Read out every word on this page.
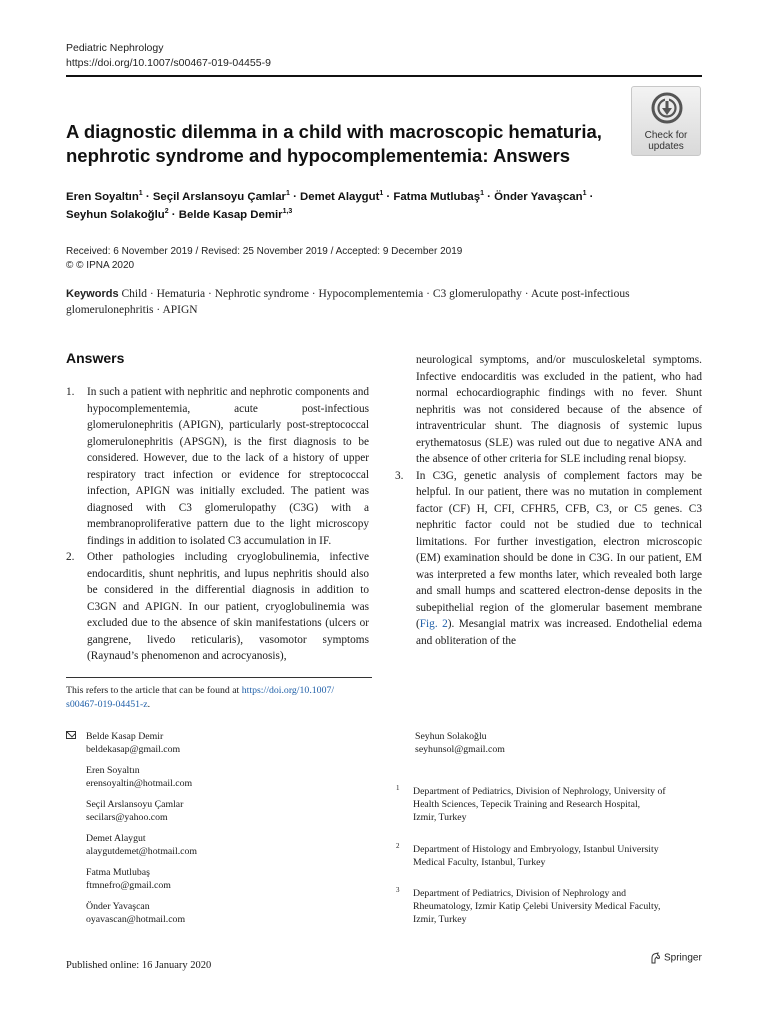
Pediatric Nephrology
https://doi.org/10.1007/s00467-019-04455-9
Check for
updates
A diagnostic dilemma in a child with macroscopic hematuria, nephrotic syndrome and hypocomplementemia: Answers
Eren Soyaltın$^1$ · Seçil Arslansoyu Çamlar$^1$ · Demet Alaygut$^1$ · Fatma Mutlubaş$^1$ · Önder Yavaşcan$^1$ ·
Seyhun Solakoğlu$^2$ · Belde Kasap Demir$^{1,3}$
Received: 6 November 2019 / Revised: 25 November 2019 / Accepted: 9 December 2019
© © IPNA 2020
Keywords Child · Hematuria · Nephrotic syndrome · Hypocomplementemia · C3 glomerulopathy · Acute post-infectious glomerulonephritis · APIGN
Answers
1. In such a patient with nephritic and nephrotic components and hypocomplementemia, acute post-infectious glomerulonephritis (APIGN), particularly post-streptococcal glomerulonephritis (APSGN), is the first diagnosis to be considered. However, due to the lack of a history of upper respiratory tract infection or evidence for streptococcal infection, APIGN was initially excluded. The patient was diagnosed with C3 glomerulopathy (C3G) with a membranoproliferative pattern due to the light microscopy findings in addition to isolated C3 accumulation in IF.
2. Other pathologies including cryoglobulinemia, infective endocarditis, shunt nephritis, and lupus nephritis should also be considered in the differential diagnosis in addition to C3GN and APIGN. In our patient, cryoglobulinemia was excluded due to the absence of skin manifestations (ulcers or gangrene, livedo reticularis), vasomotor symptoms (Raynaud’s phenomenon and acrocyanosis),

neurological symptoms, and/or musculoskeletal symptoms. Infective endocarditis was excluded in the patient, who had normal echocardiographic findings with no fever. Shunt nephritis was not considered because of the absence of intraventricular shunt. The diagnosis of systemic lupus erythematosus (SLE) was ruled out due to negative ANA and the absence of other criteria for SLE including renal biopsy.

3. In C3G, genetic analysis of complement factors may be helpful. In our patient, there was no mutation in complement factor (CF) H, CFI, CFHR5, CFB, C3, or C5 genes. C3 nephritic factor could not be studied due to technical limitations. For further investigation, electron microscopic (EM) examination should be done in C3G. In our patient, EM was interpreted a few months later, which revealed both large and small humps and scattered electron-dense deposits in the subepithelial region of the glomerular basement membrane (Fig. 2). Mesangial matrix was increased. Endothelial edema and obliteration of the
This refers to the article that can be found at https://doi.org/10.1007/
s00467-019-04451-z.
Belde Kasap Demir
beldekasap@gmail.com
Eren Soyaltın
erensoyaltin@hotmail.com
Seçil Arslansoyu Çamlar
secilars@yahoo.com
Demet Alaygut
alaygutdemet@hotmail.com
Fatma Mutlubaş
ftmnefro@gmail.com
Önder Yavaşcan
oyavascan@hotmail.com
Seyhun Solakoğlu
seyhunsol@gmail.com
1 Department of Pediatrics, Division of Nephrology, University of
Health Sciences, Tepecik Training and Research Hospital,
Izmir, Turkey
2 Department of Histology and Embryology, Istanbul University
Medical Faculty, Istanbul, Turkey
3 Department of Pediatrics, Division of Nephrology and
Rheumatology, Izmir Katip Çelebi University Medical Faculty,
Izmir, Turkey
Published online: 16 January 2020
Springer
